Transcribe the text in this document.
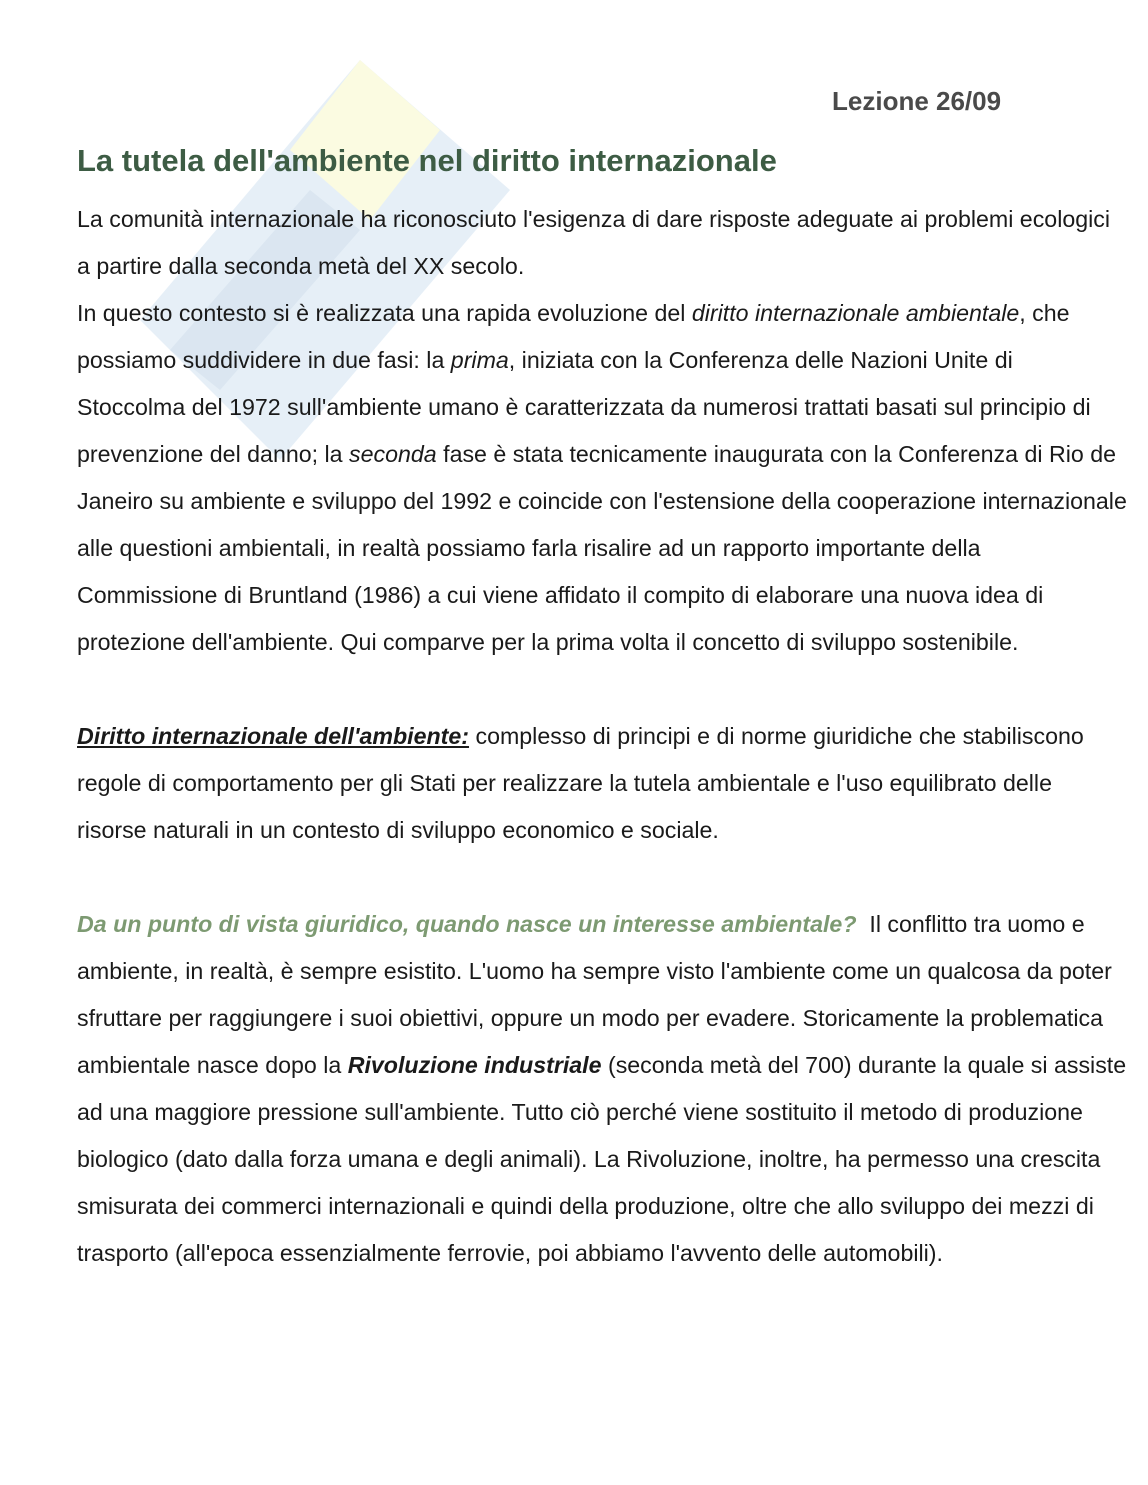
Lezione 26/09
La tutela dell'ambiente nel diritto internazionale

La comunità internazionale ha riconosciuto l'esigenza di dare risposte adeguate ai problemi ecologici a partire dalla seconda metà del XX secolo.

In questo contesto si è realizzata una rapida evoluzione del diritto internazionale ambientale, che possiamo suddividere in due fasi: la prima, iniziata con la Conferenza delle Nazioni Unite di Stoccolma del 1972 sull'ambiente umano è caratterizzata da numerosi trattati basati sul principio di prevenzione del danno; la seconda fase è stata tecnicamente inaugurata con la Conferenza di Rio de Janeiro su ambiente e sviluppo del 1992 e coincide con l'estensione della cooperazione internazionale alle questioni ambientali, in realtà possiamo farla risalire ad un rapporto importante della Commissione di Bruntland (1986) a cui viene affidato il compito di elaborare una nuova idea di protezione dell'ambiente. Qui comparve per la prima volta il concetto di sviluppo sostenibile.

Diritto internazionale dell'ambiente: complesso di principi e di norme giuridiche che stabiliscono regole di comportamento per gli Stati per realizzare la tutela ambientale e l'uso equilibrato delle risorse naturali in un contesto di sviluppo economico e sociale.

Da un punto di vista giuridico, quando nasce un interesse ambientale?  Il conflitto tra uomo e ambiente, in realtà, è sempre esistito. L'uomo ha sempre visto l'ambiente come un qualcosa da poter sfruttare per raggiungere i suoi obiettivi, oppure un modo per evadere. Storicamente la problematica ambientale nasce dopo la Rivoluzione industriale (seconda metà del 700) durante la quale si assiste ad una maggiore pressione sull'ambiente. Tutto ciò perché viene sostituito il metodo di produzione biologico (dato dalla forza umana e degli animali). La Rivoluzione, inoltre, ha permesso una crescita smisurata dei commerci internazionali e quindi della produzione, oltre che allo sviluppo dei mezzi di trasporto (all'epoca essenzialmente ferrovie, poi abbiamo l'avvento delle automobili).
